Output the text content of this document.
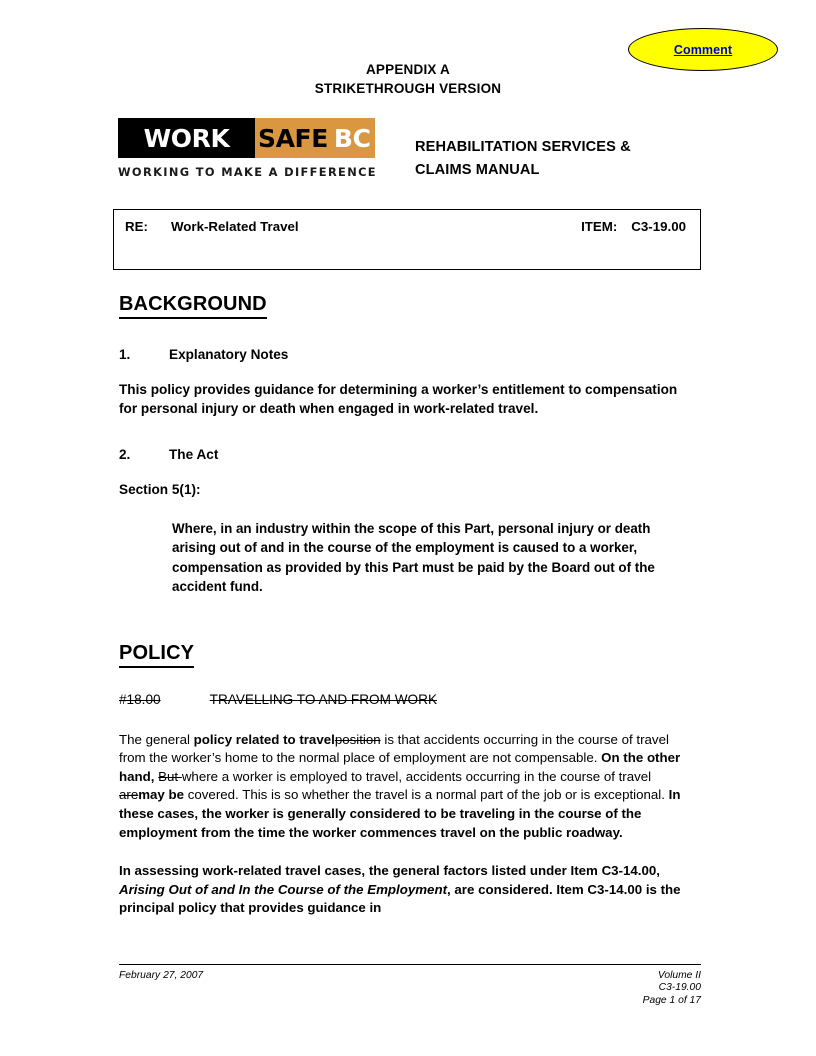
Comment
APPENDIX A
STRIKETHROUGH VERSION
WORK SAFE BC
WORKING TO MAKE A DIFFERENCE
REHABILITATION SERVICES &
CLAIMS MANUAL
RE:	Work-Related Travel	ITEM: C3-19.00
BACKGROUND
1.	Explanatory Notes

This policy provides guidance for determining a worker’s entitlement to compensation for personal injury or death when engaged in work-related travel.

2.	The Act

Section 5(1):

Where, in an industry within the scope of this Part, personal injury or death arising out of and in the course of the employment is caused to a worker, compensation as provided by this Part must be paid by the Board out of the accident fund.
POLICY
#18.00		TRAVELLING TO AND FROM WORK

The general policy related to travelposition is that accidents occurring in the course of travel from the worker’s home to the normal place of employment are not compensable. On the other hand, But where a worker is employed to travel, accidents occurring in the course of travel aremay be covered. This is so whether the travel is a normal part of the job or is exceptional. In these cases, the worker is generally considered to be traveling in the course of the employment from the time the worker commences travel on the public roadway.

In assessing work-related travel cases, the general factors listed under Item C3-14.00, Arising Out of and In the Course of the Employment, are considered. Item C3-14.00 is the principal policy that provides guidance in

February 27, 2007	Volume II
C3-19.00
Page 1 of 17
